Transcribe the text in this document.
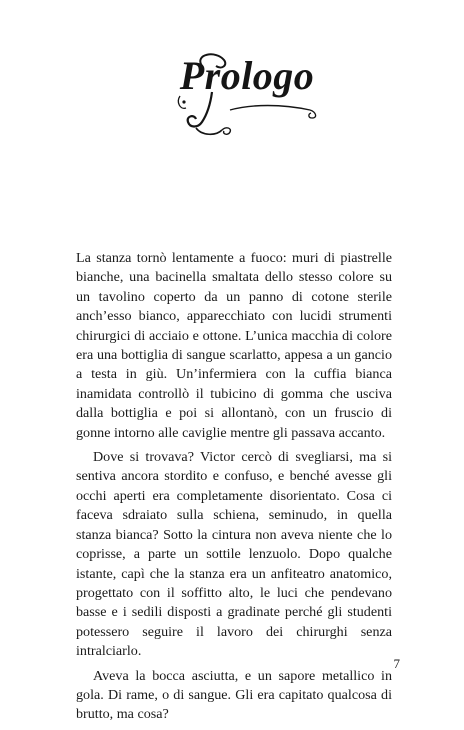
Prologo

La stanza tornò lentamente a fuoco: muri di piastrelle bianche, una bacinella smaltata dello stesso colore su un tavolino coperto da un panno di cotone sterile anch’esso bianco, apparecchiato con lucidi strumenti chirurgici di acciaio e ottone. L’unica macchia di colore era una bottiglia di sangue scarlatto, appesa a un gancio a testa in giù. Un’infermiera con la cuffia bianca inamidata controllò il tubicino di gomma che usciva dalla bottiglia e poi si allontanò, con un fruscio di gonne intorno alle caviglie mentre gli passava accanto.

Dove si trovava? Victor cercò di svegliarsi, ma si sentiva ancora stordito e confuso, e benché avesse gli occhi aperti era completamente disorientato. Cosa ci faceva sdraiato sulla schiena, seminudo, in quella stanza bianca? Sotto la cintura non aveva niente che lo coprisse, a parte un sottile lenzuolo. Dopo qualche istante, capì che la stanza era un anfiteatro anatomico, progettato con il soffitto alto, le luci che pendevano basse e i sedili disposti a gradinate perché gli studenti potessero seguire il lavoro dei chirurghi senza intralciarlo.

Aveva la bocca asciutta, e un sapore metallico in gola. Di rame, o di sangue. Gli era capitato qualcosa di brutto, ma cosa?

7
